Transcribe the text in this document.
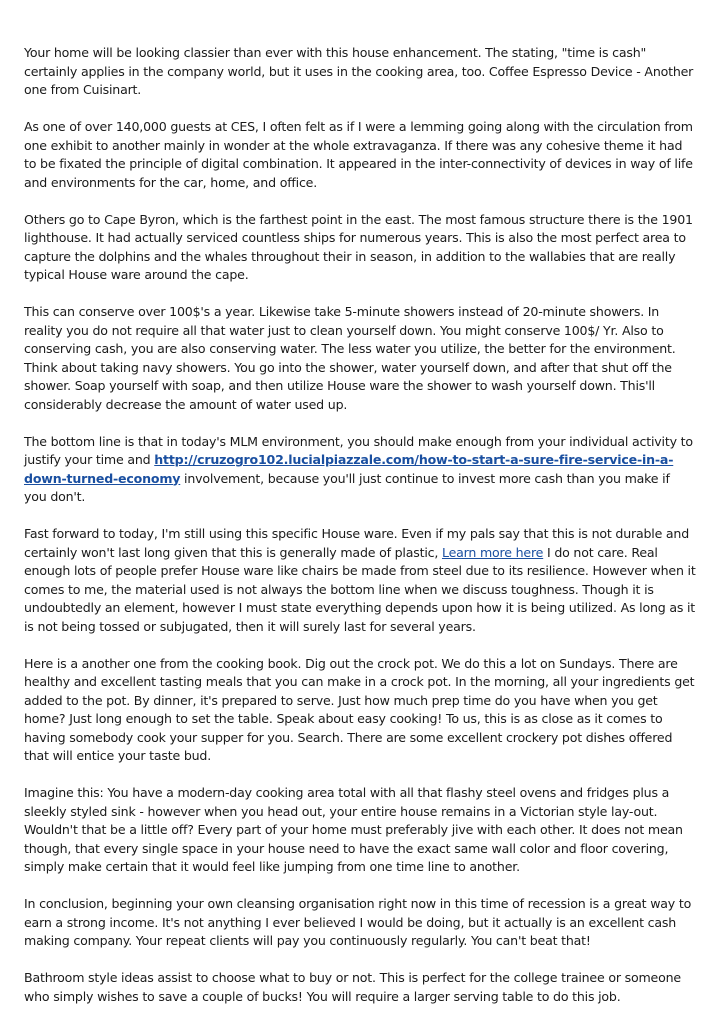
Your home will be looking classier than ever with this house enhancement. The stating, "time is cash" certainly applies in the company world, but it uses in the cooking area, too. Coffee Espresso Device - Another one from Cuisinart.

As one of over 140,000 guests at CES, I often felt as if I were a lemming going along with the circulation from one exhibit to another mainly in wonder at the whole extravaganza. If there was any cohesive theme it had to be fixated the principle of digital combination. It appeared in the inter-connectivity of devices in way of life and environments for the car, home, and office.

Others go to Cape Byron, which is the farthest point in the east. The most famous structure there is the 1901 lighthouse. It had actually serviced countless ships for numerous years. This is also the most perfect area to capture the dolphins and the whales throughout their in season, in addition to the wallabies that are really typical House ware around the cape.

This can conserve over 100$'s a year. Likewise take 5-minute showers instead of 20-minute showers. In reality you do not require all that water just to clean yourself down. You might conserve 100$/ Yr. Also to conserving cash, you are also conserving water. The less water you utilize, the better for the environment. Think about taking navy showers. You go into the shower, water yourself down, and after that shut off the shower. Soap yourself with soap, and then utilize House ware the shower to wash yourself down. This'll considerably decrease the amount of water used up.

The bottom line is that in today's MLM environment, you should make enough from your individual activity to justify your time and http://cruzogro102.lucialpiazzale.com/how-to-start-a-sure-fire-service-in-a-down-turned-economy involvement, because you'll just continue to invest more cash than you make if you don't.

Fast forward to today, I'm still using this specific House ware. Even if my pals say that this is not durable and certainly won't last long given that this is generally made of plastic, Learn more here I do not care. Real enough lots of people prefer House ware like chairs be made from steel due to its resilience. However when it comes to me, the material used is not always the bottom line when we discuss toughness. Though it is undoubtedly an element, however I must state everything depends upon how it is being utilized. As long as it is not being tossed or subjugated, then it will surely last for several years.

Here is a another one from the cooking book. Dig out the crock pot. We do this a lot on Sundays. There are healthy and excellent tasting meals that you can make in a crock pot. In the morning, all your ingredients get added to the pot. By dinner, it's prepared to serve. Just how much prep time do you have when you get home? Just long enough to set the table. Speak about easy cooking! To us, this is as close as it comes to having somebody cook your supper for you. Search. There are some excellent crockery pot dishes offered that will entice your taste bud.

Imagine this: You have a modern-day cooking area total with all that flashy steel ovens and fridges plus a sleekly styled sink - however when you head out, your entire house remains in a Victorian style lay-out. Wouldn't that be a little off? Every part of your home must preferably jive with each other. It does not mean though, that every single space in your house need to have the exact same wall color and floor covering, simply make certain that it would feel like jumping from one time line to another.

In conclusion, beginning your own cleansing organisation right now in this time of recession is a great way to earn a strong income. It's not anything I ever believed I would be doing, but it actually is an excellent cash making company. Your repeat clients will pay you continuously regularly. You can't beat that!

Bathroom style ideas assist to choose what to buy or not. This is perfect for the college trainee or someone who simply wishes to save a couple of bucks! You will require a larger serving table to do this job.
